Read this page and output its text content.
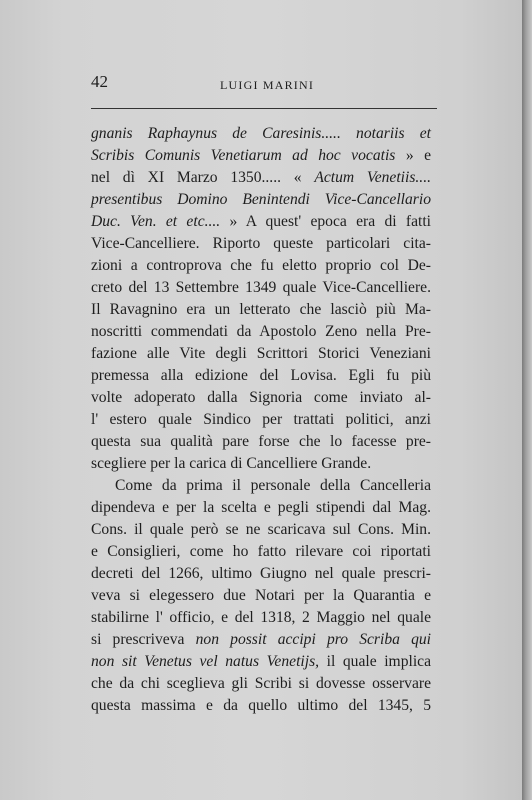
42	LUIGI MARINI
gnanis Raphaynus de Caresinis..... notariis et
Scribis Comunis Venetiarum ad hoc vocatis » e
nel dì XI Marzo 1350..... « Actum Venetiis....
presentibus Domino Benintendi Vice-Cancellario
Duc. Ven. et etc.... » A quest' epoca era di fatti
Vice-Cancelliere. Riporto queste particolari cita-
zioni a controprova che fu eletto proprio col De-
creto del 13 Settembre 1349 quale Vice-Cancelliere.
Il Ravagnino era un letterato che lasciò più Ma-
noscritti commendati da Apostolo Zeno nella Pre-
fazione alle Vite degli Scrittori Storici Veneziani
premessa alla edizione del Lovisa. Egli fu più
volte adoperato dalla Signoria come inviato al-
l' estero quale Sindico per trattati politici, anzi
questa sua qualità pare forse che lo facesse pre-
scegliere per la carica di Cancelliere Grande.
Come da prima il personale della Cancelleria
dipendeva e per la scelta e pegli stipendi dal Mag.
Cons. il quale però se ne scaricava sul Cons. Min.
e Consiglieri, come ho fatto rilevare coi riportati
decreti del 1266, ultimo Giugno nel quale prescri-
veva si elegessero due Notari per la Quarantia e
stabilirne l' officio, e del 1318, 2 Maggio nel quale
si prescriveva non possit accipi pro Scriba qui
non sit Venetus vel natus Venetijs, il quale implica
che da chi sceglieva gli Scribi si dovesse osservare
questa massima e da quello ultimo del 1345, 5
